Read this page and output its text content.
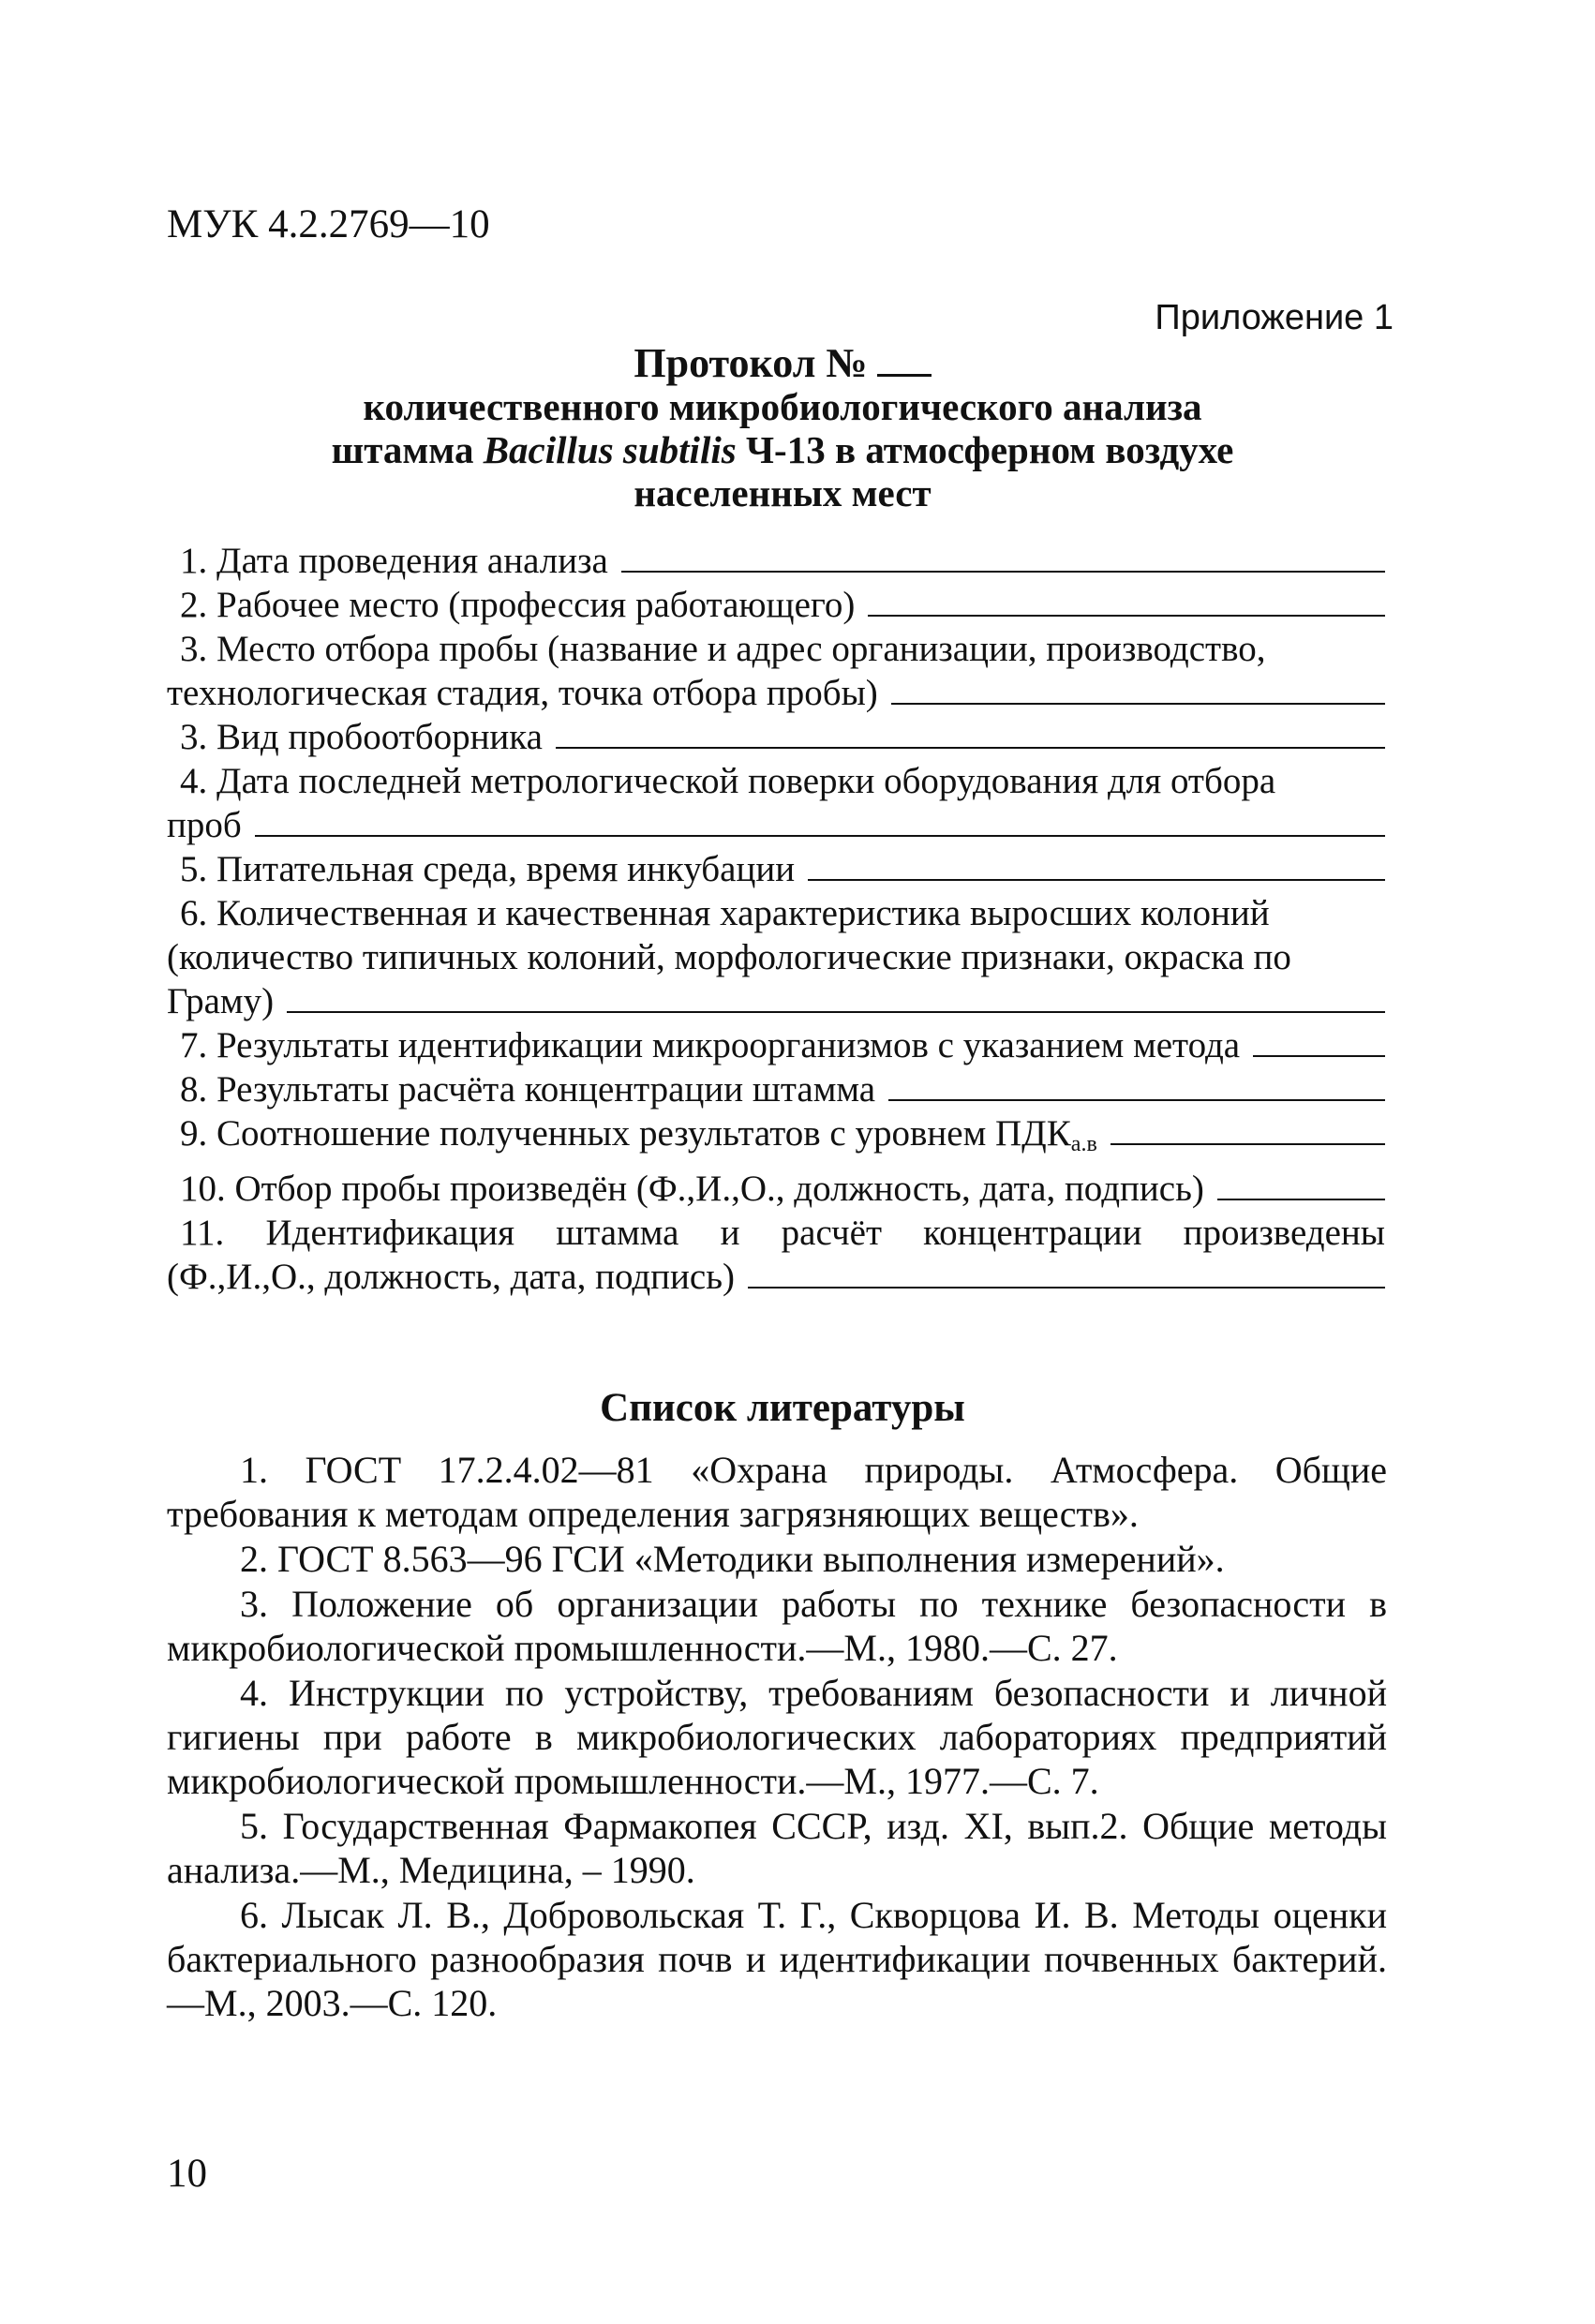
МУК 4.2.2769—10
Приложение 1
Протокол №
количественного микробиологического анализа
штамма Bacillus subtilis Ч-13 в атмосферном воздухе
населенных мест
1. Дата проведения анализа
2. Рабочее место (профессия работающего)
3. Место отбора пробы (название и адрес организации, производство,
технологическая стадия, точка отбора пробы)
3. Вид пробоотборника
4. Дата последней метрологической поверки оборудования для отбора
проб
5. Питательная среда, время инкубации
6. Количественная и качественная характеристика выросших колоний
(количество типичных колоний, морфологические признаки, окраска по
Граму)
7. Результаты идентификации микроорганизмов с указанием метода
8. Результаты расчёта концентрации штамма
9. Соотношение полученных результатов с уровнем $ПДК_{а.в}$
10. Отбор пробы произведён (Ф.,И.,О., должность, дата, подпись)
11. Идентификация штамма и расчёт концентрации произведены
(Ф.,И.,О., должность, дата, подпись)
Список литературы

1. ГОСТ 17.2.4.02—81 «Охрана природы. Атмосфера. Общие требования к методам определения загрязняющих веществ».

2. ГОСТ 8.563—96 ГСИ «Методики выполнения измерений».

3. Положение об организации работы по технике безопасности в микробиологической промышленности.—М., 1980.—С. 27.

4. Инструкции по устройству, требованиям безопасности и личной гигиены при работе в микробиологических лабораториях предприятий микробиологической промышленности.—М., 1977.—С. 7.

5. Государственная Фармакопея СССР, изд. XI, вып.2. Общие методы анализа.—М., Медицина, – 1990.

6. Лысак Л. В., Добровольская Т. Г., Скворцова И. В. Методы оценки бактериального разнообразия почв и идентификации почвенных бактерий.—М., 2003.—С. 120.

10
